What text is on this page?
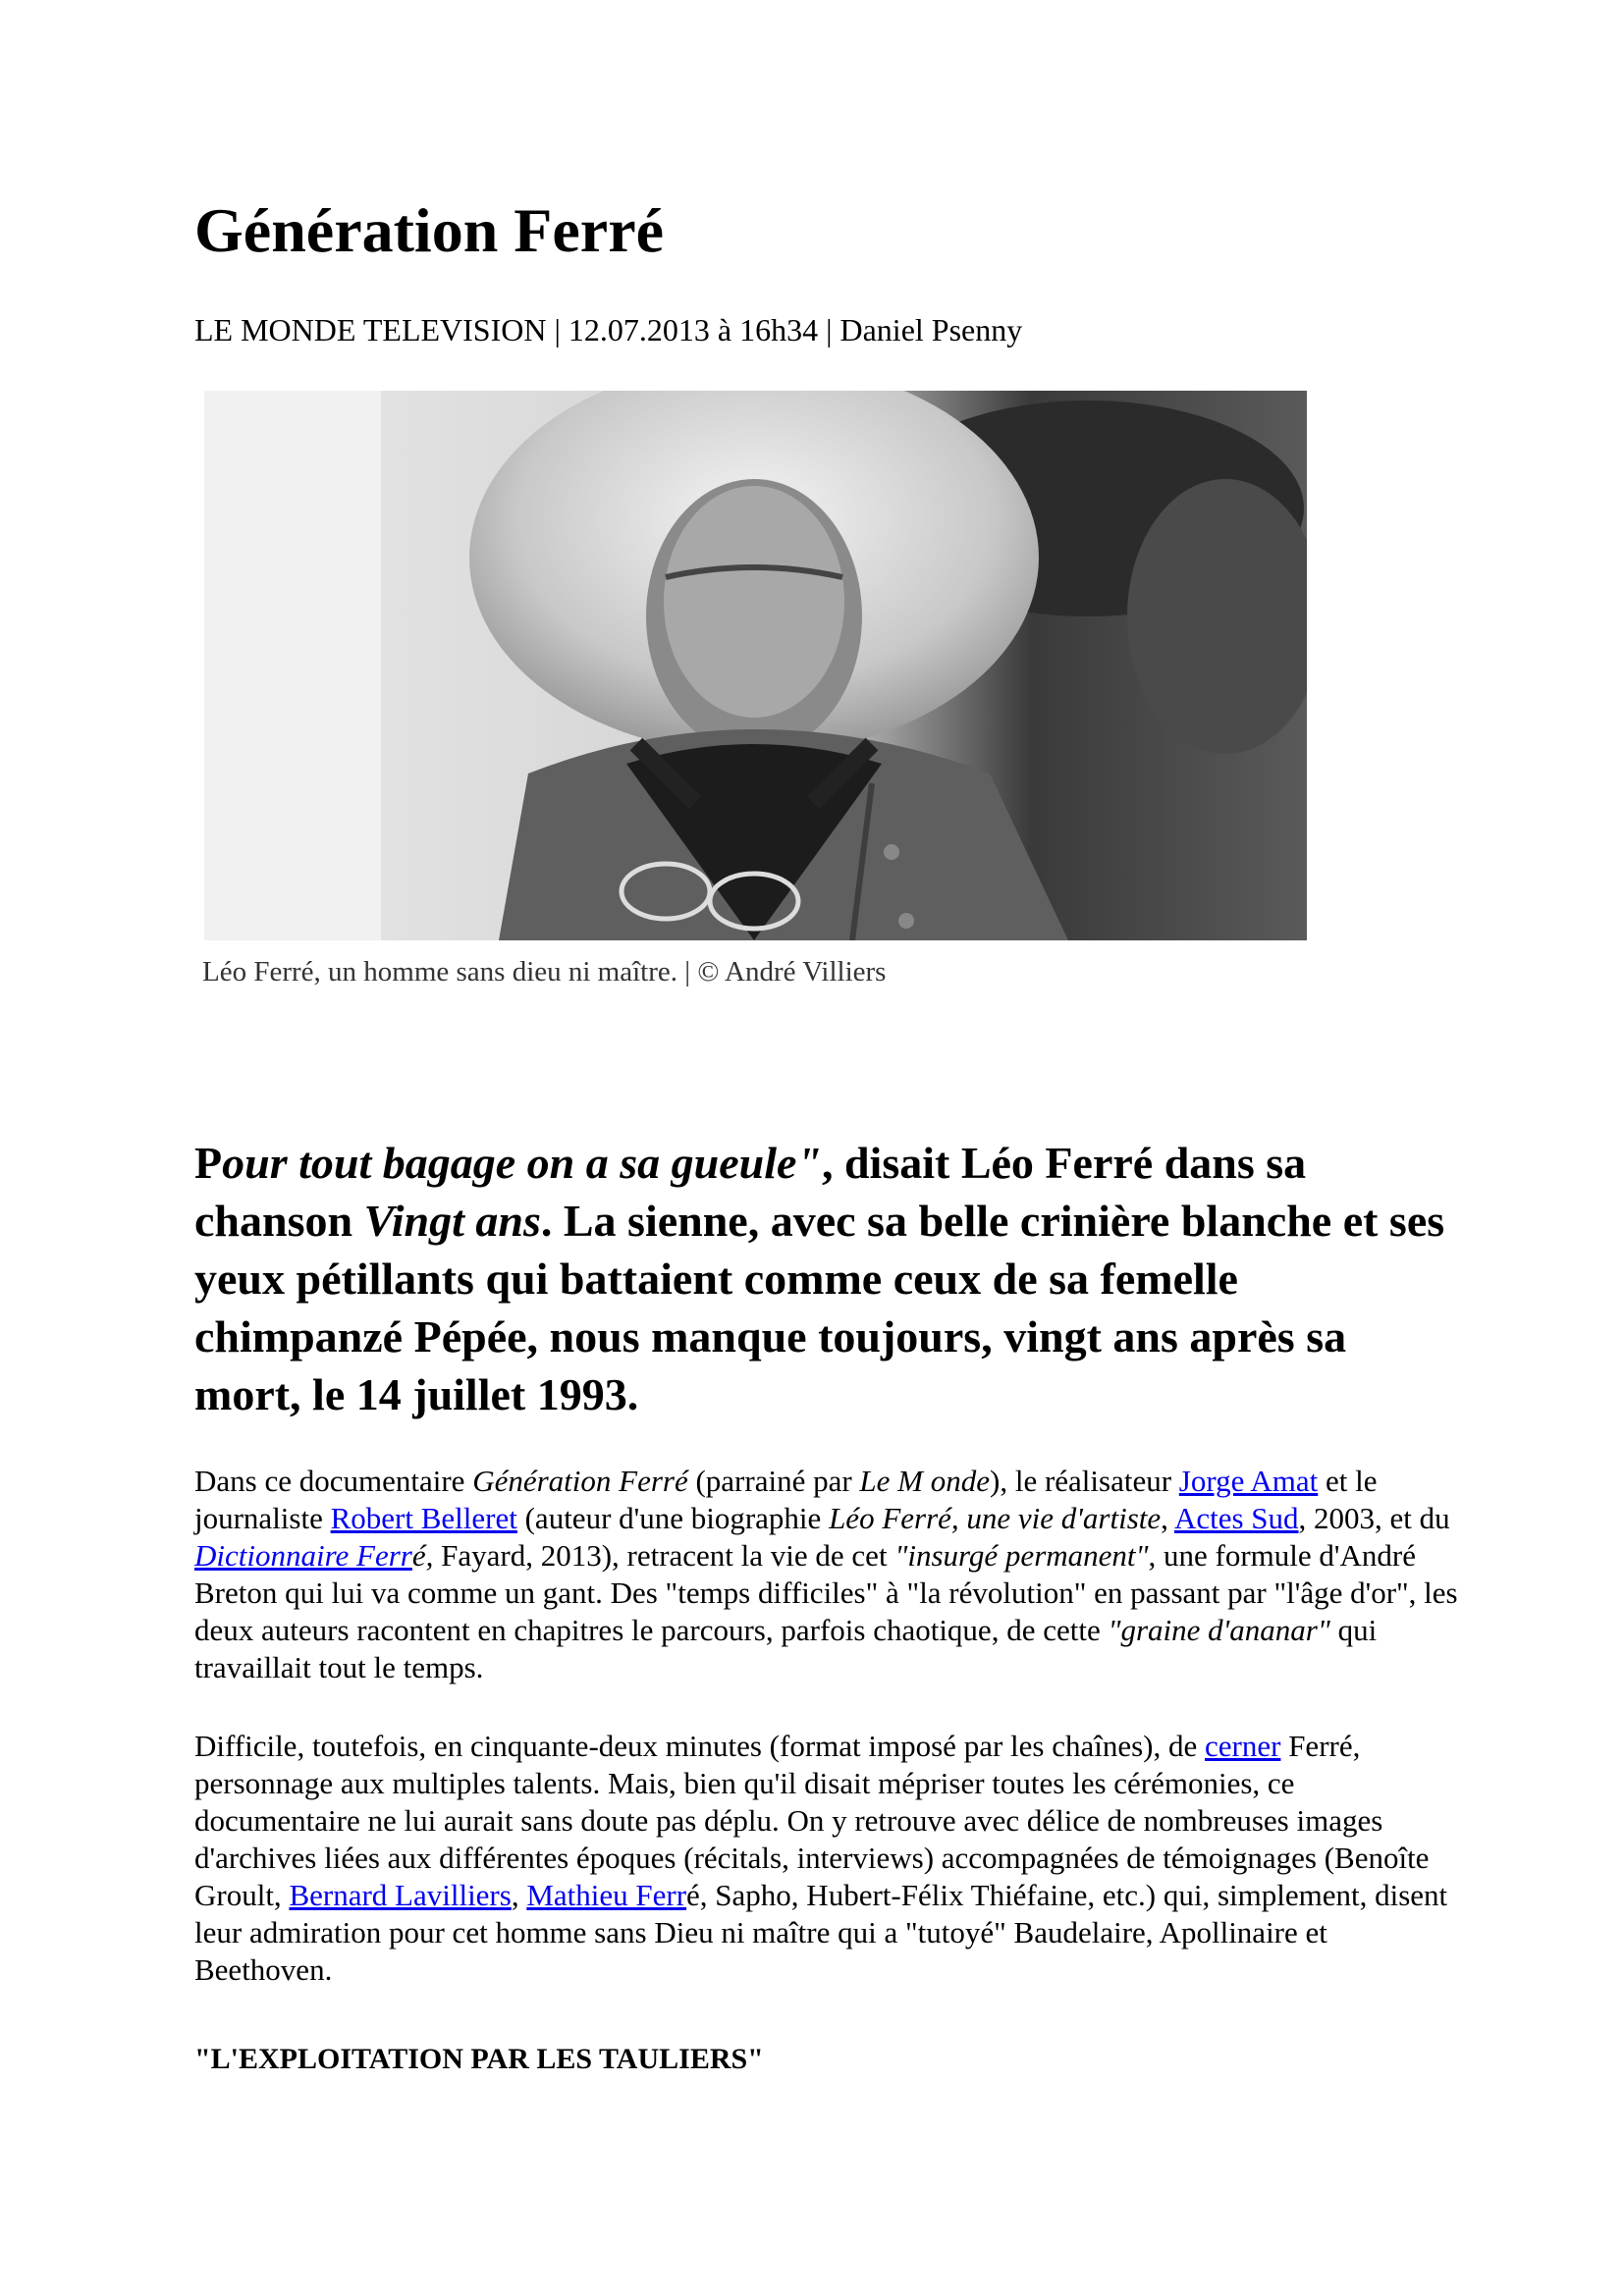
Génération Ferré

LE MONDE TELEVISION | 12.07.2013 à 16h34 | Daniel Psenny

Léo Ferré, un homme sans dieu ni maître. | © André Villiers

Pour tout bagage on a sa gueule", disait Léo Ferré dans sa chanson Vingt ans. La sienne, avec sa belle crinière blanche et ses yeux pétillants qui battaient comme ceux de sa femelle chimpanzé Pépée, nous manque toujours, vingt ans après sa mort, le 14 juillet 1993.

Dans ce documentaire Génération Ferré (parrainé par Le M onde), le réalisateur Jorge Amat et le journaliste Robert Belleret (auteur d'une biographie Léo Ferré, une vie d'artiste, Actes Sud, 2003, et du Dictionnaire Ferré, Fayard, 2013), retracent la vie de cet "insurgé permanent", une formule d'André Breton qui lui va comme un gant. Des "temps difficiles" à "la révolution" en passant par "l'âge d'or", les deux auteurs racontent en chapitres le parcours, parfois chaotique, de cette "graine d'ananar" qui travaillait tout le temps.

Difficile, toutefois, en cinquante-deux minutes (format imposé par les chaînes), de cerner Ferré, personnage aux multiples talents. Mais, bien qu'il disait mépriser toutes les cérémonies, ce documentaire ne lui aurait sans doute pas déplu. On y retrouve avec délice de nombreuses images d'archives liées aux différentes époques (récitals, interviews) accompagnées de témoignages (Benoîte Groult, Bernard Lavilliers, Mathieu Ferré, Sapho, Hubert-Félix Thiéfaine, etc.) qui, simplement, disent leur admiration pour cet homme sans Dieu ni maître qui a "tutoyé" Baudelaire, Apollinaire et Beethoven.

"L'EXPLOITATION PAR LES TAULIERS"
